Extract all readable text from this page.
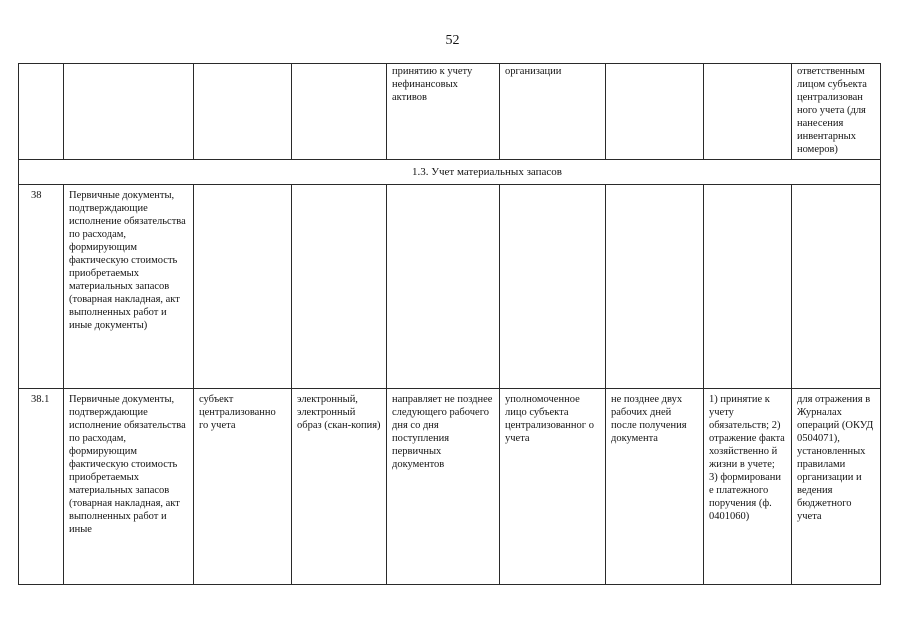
52
				принятию к учету нефинансовых активов	организации			ответственным лицом субъекта централизован ного учета (для нанесения инвентарных номеров)
1.3. Учет материальных запасов								
38	Первичные документы, подтверждающие исполнение обязательства по расходам, формирующим фактическую стоимость приобретаемых материальных запасов (товарная накладная, акт выполненных работ и иные документы)							
38.1	Первичные документы, подтверждающие исполнение обязательства по расходам, формирующим фактическую стоимость приобретаемых материальных запасов (товарная накладная, акт выполненных работ и иные	субъект централизованно го учета	электронный, электронный образ (скан-копия)	направляет не позднее следующего рабочего дня со дня поступления первичных документов	уполномоченное лицо субъекта централизованног о учета	не позднее двух рабочих дней после получения документа	1) принятие к учету обязательств; 2) отражение факта хозяйственно й жизни в учете; 3) формировани е платежного поручения (ф. 0401060)	для отражения в Журналах операций (ОКУД 0504071), установленных правилами организации и ведения бюджетного учета
